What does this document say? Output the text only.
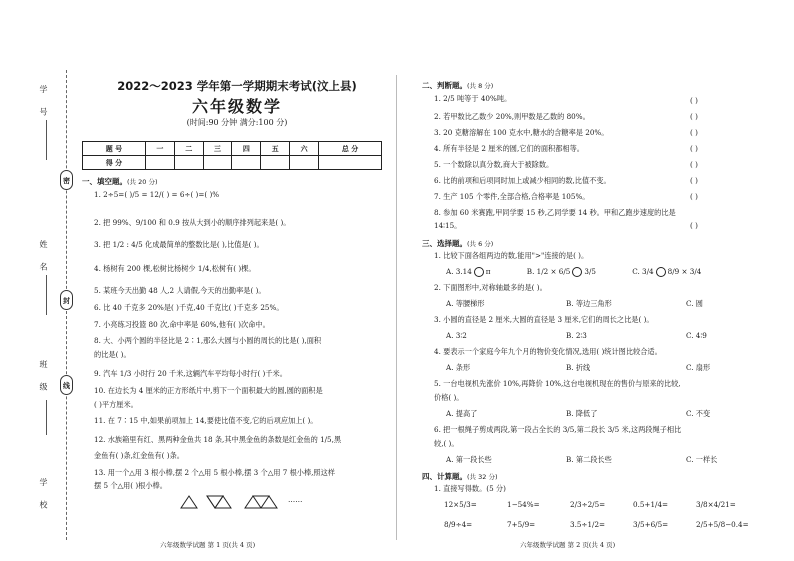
学 号
姓 名
班 级
学 校
密
封
线
2022～2023 学年第一学期期末考试(汶上县)
六年级数学
(时间:90 分钟 满分:100 分)
题 号	一	二	三	四	五	六	总 分
得 分							
一、填空题。(共 20 分)
1. 2÷5=( )/5 = 12/( ) = 6÷( )=( )%
2. 把 99%、9/100 和 0.9 按从大到小的顺序排列起来是( )。
3. 把 1/2 : 4/5 化成最简单的整数比是( ),比值是( )。
4. 杨树有 200 棵,松树比杨树少 1/4,松树有( )棵。
5. 某班今天出勤 48 人,2 人请假,今天的出勤率是( )。
6. 比 40 千克多 20%是( )千克,40 千克比( )千克多 25%。
7. 小亮练习投篮 80 次,命中率是 60%,他有( )次命中。
8. 大、小两个圆的半径比是 2∶1,那么大圆与小圆的周长的比是( ),面积
的比是( )。
9. 汽车 1/3 小时行 20 千米,这辆汽车平均每小时行( )千米。
10. 在边长为 4 厘米的正方形纸片中,剪下一个面积最大的圆,圆的面积是
( )平方厘米。
11. 在 7∶15 中,如果前项加上 14,要使比值不变,它的后项应加上( )。
12. 水族箱里有红、黑两种金鱼共 18 条,其中黑金鱼的条数是红金鱼的 1/5,黑
金鱼有( )条,红金鱼有( )条。
13. 用一个△用 3 根小棒,摆 2 个△用 5 根小棒,摆 3 个△用 7 根小棒,照这样
摆 5 个△用( )根小棒。
……
六年级数学试题 第 1 页(共 4 页)
二、判断题。(共 8 分)
1. 2/5 吨等于 40%吨。	( )
2. 若甲数比乙数少 20%,则甲数是乙数的 80%。	( )
3. 20 克糖溶解在 100 克水中,糖水的含糖率是 20%。	( )
4. 所有半径是 2 厘米的圆,它们的面积都相等。	( )
5. 一个数除以真分数,商大于被除数。	( )
6. 比的前项和后项同时加上或减少相同的数,比值不变。	( )
7. 生产 105 个零件,全部合格,合格率是 105%。	( )
8. 参加 60 米赛跑,甲同学要 15 秒,乙同学要 14 秒。甲和乙跑步速度的比是
14∶15。	( )
三、选择题。(共 6 分)
1. 比较下面各组两边的数,能用">"连接的是( )。
A. 3.14 π	B. 1/2 × 6/5 3/5	C. 3/4 8/9 × 3/4
2. 下面图形中,对称轴最多的是( )。
A. 等腰梯形	B. 等边三角形	C. 圆
3. 小圆的直径是 2 厘米,大圆的直径是 3 厘米,它们的周长之比是( )。
A. 3∶2	B. 2∶3	C. 4∶9
4. 要表示一个家庭今年九个月的物价变化情况,选用( )统计图比较合适。
A. 条形	B. 折线	C. 扇形
5. 一台电视机先涨价 10%,再降价 10%,这台电视机现在的售价与原来的比较,
价格( )。
A. 提高了	B. 降低了	C. 不变
6. 把一根绳子剪成两段,第一段占全长的 3/5,第二段长 3/5 米,这两段绳子相比
较,( )。
A. 第一段长些	B. 第二段长些	C. 一样长
四、计算题。(共 32 分)
1. 直接写得数。(5 分)
12×5/3=	1−54%=	2/3÷2/5=	0.5+1/4=	3/8×4/21=
8/9÷4=	7+5/9=	3.5÷1/2=	3/5+6/5=	2/5+5/8−0.4=
六年级数学试题 第 2 页(共 4 页)
